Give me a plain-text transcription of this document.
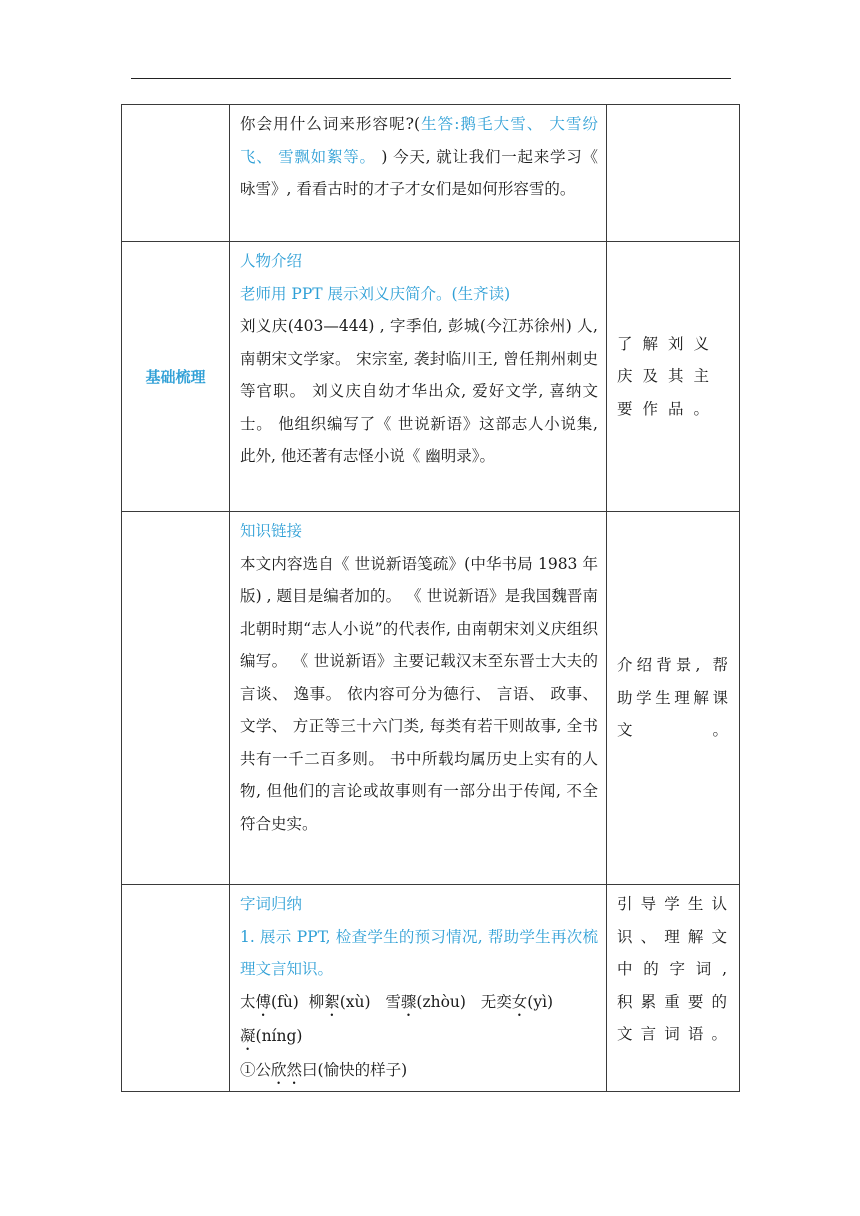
	你会用什么词来形容呢?(生答:鹅毛大雪、 大雪纷飞、 雪飘如絮等。 ) 今天, 就让我们一起来学习《 咏雪》, 看看古时的才子才女们是如何形容雪的。	

基础梳理	人物介绍

老师用 PPT 展示刘义庆简介。(生齐读)

刘义庆(403—444) , 字季伯, 彭城(今江苏徐州) 人, 南朝宋文学家。 宋宗室, 袭封临川王, 曾任荆州刺史等官职。 刘义庆自幼才华出众, 爱好文学, 喜纳文士。 他组织编写了《 世说新语》这部志人小说集, 此外, 他还著有志怪小说《 幽明录》。	了解刘义庆及其主要作品。

	知识链接

本文内容选自《 世说新语笺疏》(中华书局 1983 年版) , 题目是编者加的。 《 世说新语》是我国魏晋南北朝时期“志人小说”的代表作, 由南朝宋刘义庆组织编写。 《 世说新语》主要记载汉末至东晋士大夫的言谈、 逸事。 依内容可分为德行、 言语、 政事、文学、 方正等三十六门类, 每类有若干则故事, 全书共有一千二百多则。 书中所载均属历史上实有的人物, 但他们的言论或故事则有一部分出于传闻, 不全符合史实。	介绍背景, 帮助学生理解课文。

	字词归纳

1. 展示 PPT, 检查学生的预习情况, 帮助学生再次梳理文言知识。

太傅(fù) 柳絮(xù) 雪骤(zhòu) 无奕女(yì)
凝(níng)

①公欣然曰(愉快的样子)	引导学生认识、理解文中的字词, 积累重要的文言词语。
